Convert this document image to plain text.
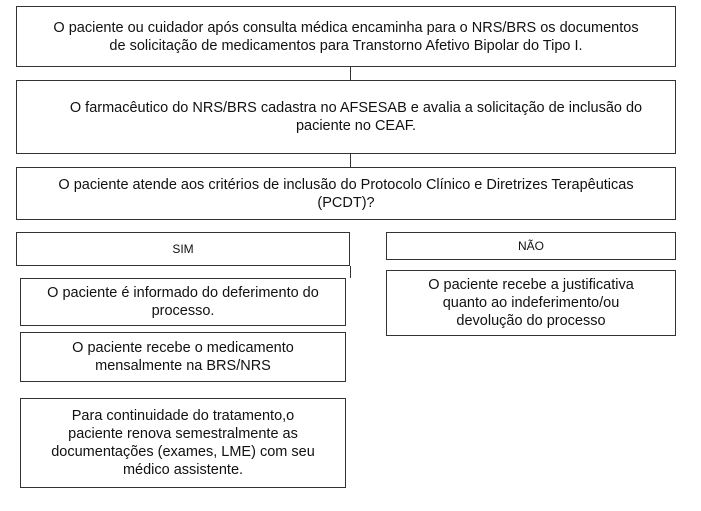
O paciente ou cuidador após consulta médica encaminha para o NRS/BRS os documentos de solicitação de medicamentos para Transtorno Afetivo Bipolar do Tipo I.
O farmacêutico do NRS/BRS cadastra no AFSESAB e avalia a solicitação de inclusão do paciente no CEAF.
O paciente atende aos critérios de inclusão do Protocolo Clínico e Diretrizes Terapêuticas (PCDT)?
SIM	NÃO
O paciente é informado do deferimento do processo.
O paciente recebe o medicamento mensalmente na BRS/NRS
Para continuidade do tratamento,o paciente renova semestralmente as documentações (exames, LME) com seu médico assistente.
O paciente recebe a justificativa quanto ao indeferimento/ou devolução do processo
